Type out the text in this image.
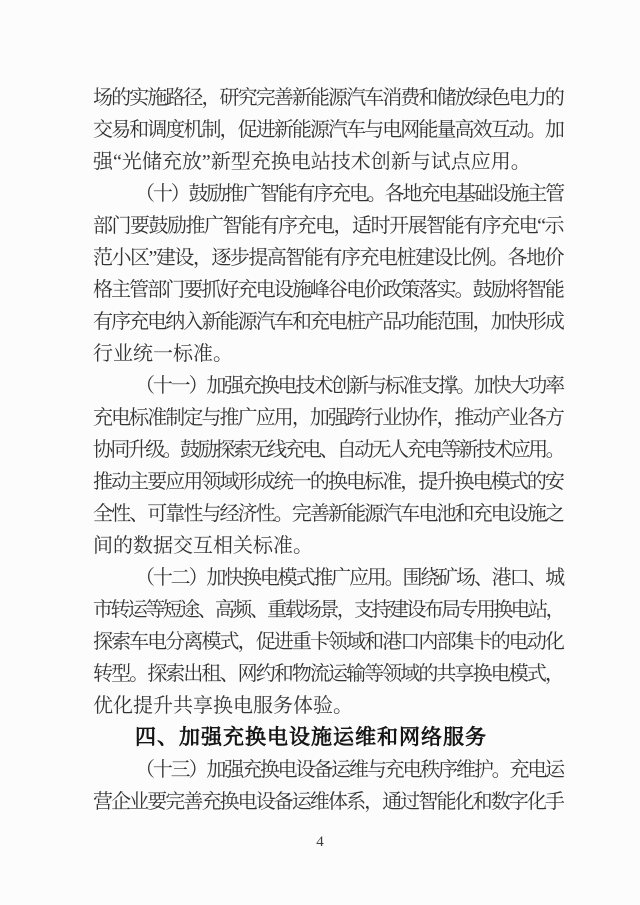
场的实施路径，研究完善新能源汽车消费和储放绿色电力的
交易和调度机制，促进新能源汽车与电网能量高效互动。加
强“光储充放”新型充换电站技术创新与试点应用。
（十）鼓励推广智能有序充电。各地充电基础设施主管
部门要鼓励推广智能有序充电，适时开展智能有序充电“示
范小区”建设，逐步提高智能有序充电桩建设比例。各地价
格主管部门要抓好充电设施峰谷电价政策落实。鼓励将智能
有序充电纳入新能源汽车和充电桩产品功能范围，加快形成
行业统一标准。
（十一）加强充换电技术创新与标准支撑。加快大功率
充电标准制定与推广应用，加强跨行业协作，推动产业各方
协同升级。鼓励探索无线充电、自动无人充电等新技术应用。
推动主要应用领域形成统一的换电标准，提升换电模式的安
全性、可靠性与经济性。完善新能源汽车电池和充电设施之
间的数据交互相关标准。
（十二）加快换电模式推广应用。围绕矿场、港口、城
市转运等短途、高频、重载场景，支持建设布局专用换电站，
探索车电分离模式，促进重卡领域和港口内部集卡的电动化
转型。探索出租、网约和物流运输等领域的共享换电模式，
优化提升共享换电服务体验。
四、加强充换电设施运维和网络服务
（十三）加强充换电设备运维与充电秩序维护。充电运
营企业要完善充换电设备运维体系，通过智能化和数字化手
4
